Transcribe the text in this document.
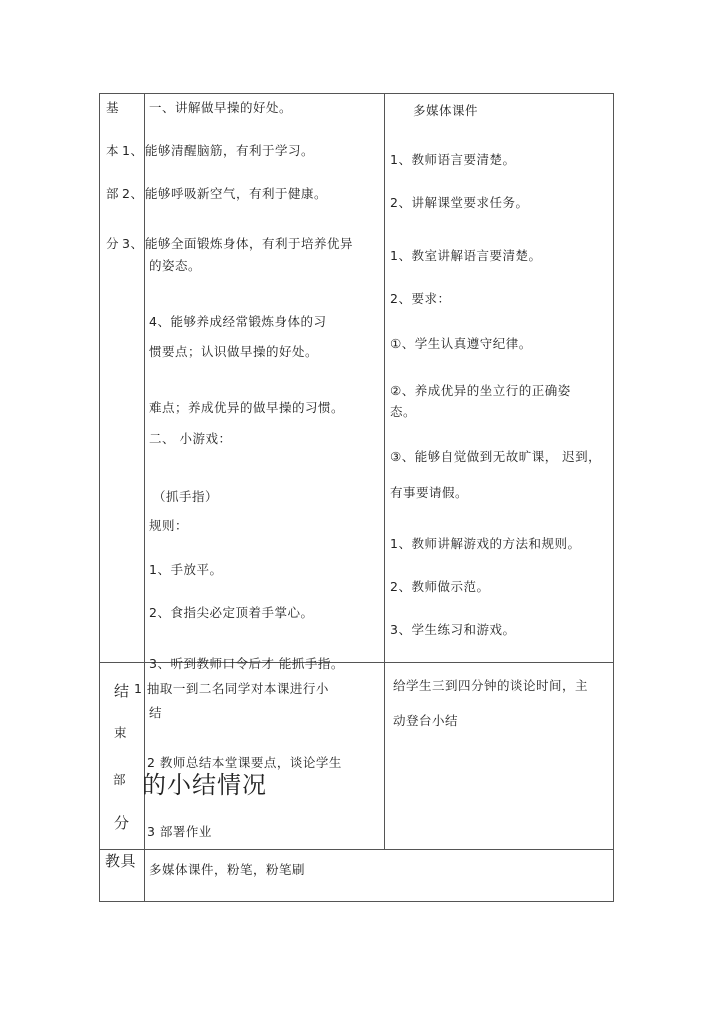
基
本 1、
部 2、
分 3、
一、讲解做早操的好处。
能够清醒脑筋，有利于学习。
能够呼吸新空气，有利于健康。
能够全面锻炼身体，有利于培养优异
的姿态。
4、能够养成经常锻炼身体的习
惯要点；认识做早操的好处。
难点；养成优异的做早操的习惯。
二、 小游戏：
（抓手指）
规则：
1、手放平。
2、食指尖必定顶着手掌心。
3、听到教师口令后才 能抓手指。
多媒体课件
1、教师语言要清楚。
2、讲解课堂要求任务。
1、教室讲解语言要清楚。
2、要求：
①、学生认真遵守纪律。
②、养成优异的坐立行的正确姿
态。
③、能够自觉做到无故旷课， 迟到，
有事要请假。
1、教师讲解游戏的方法和规则。
2、教师做示范。
3、学生练习和游戏。
结
束
部
分
1 抽取一到二名同学对本课进行小
结
2 教师总结本堂课要点，谈论学生
的小结情况
3 部署作业
给学生三到四分钟的谈论时间，主
动登台小结
教具 多媒体课件，粉笔，粉笔刷
